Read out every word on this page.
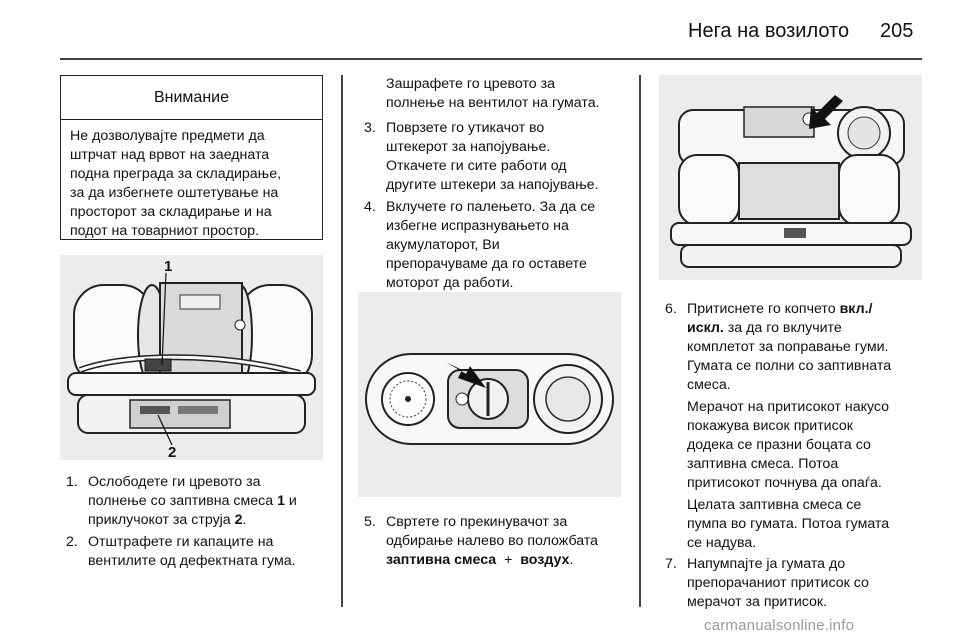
Нега на возилото 205
Внимание
Не дозволувајте предмети да
штрчат над врвот на заедната
подна преграда за складирање,
за да избегнете оштетување на
просторот за складирање и на
подот на товарниот простор.
1
2
1. Ослободете ги цревото за
полнење со заптивна смеса 1 и
приклучокот за струја 2.
2. Отштрафете ги капаците на
вентилите од дефектната гума.
Зашрафете го цревото за
полнење на вентилот на гумата.
3. Поврзете го утикачот во
штекерот за напојување.
Откачете ги сите работи од
другите штекери за напојување.
4. Вклучете го палењето. За да се
избегне испразнувањето на
акумулаторот, Ви
препорачуваме да го оставете
моторот да работи.
5. Свртете го прекинувачот за
одбирање налево во положбата
заптивна смеса + воздух.
6. Притиснете го копчето вкл./
искл. за да го вклучите
комплетот за поправање гуми.
Гумата се полни со заптивната
смеса.
Мерачот на притисокот накусо
покажува висок притисок
додека се празни боцата со
заптивна смеса. Потоа
притисокот почнува да опаѓа.
Целата заптивна смеса се
пумпа во гумата. Потоа гумата
се надува.
7. Напумпајте ја гумата до
препорачаниот притисок со
мерачот за притисок.
carmanualsonline.info
